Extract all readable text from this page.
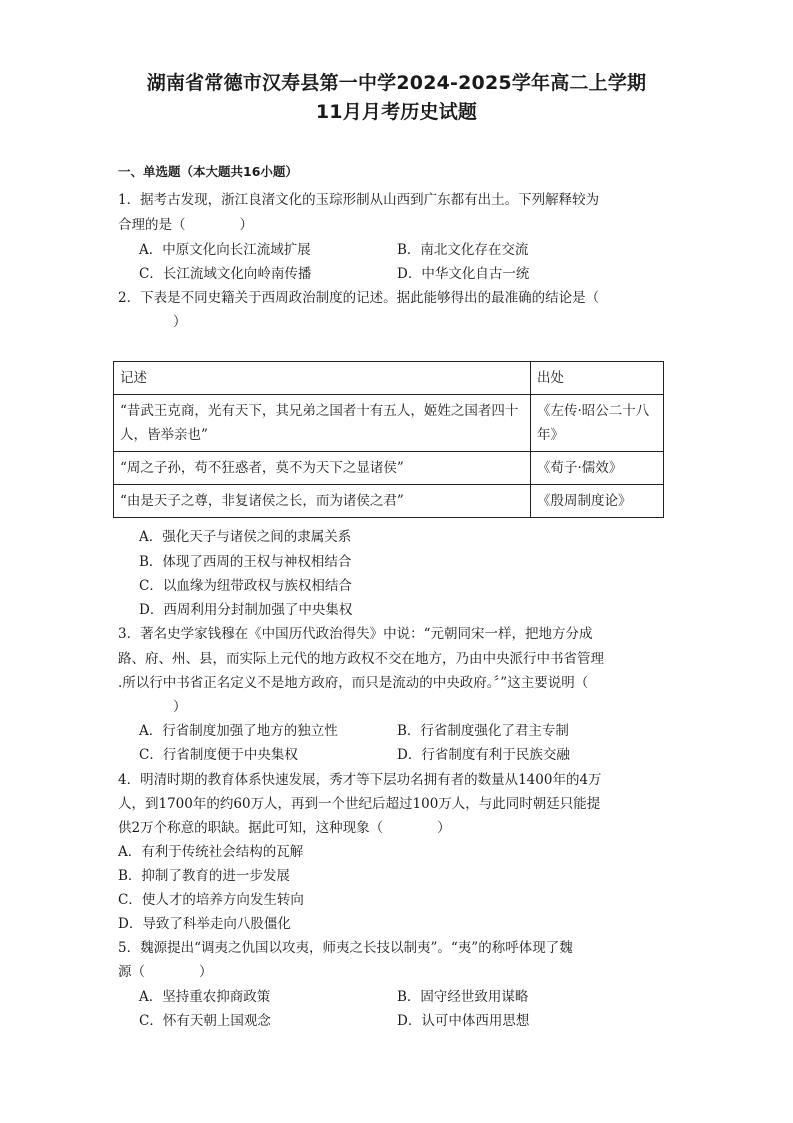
湖南省常德市汉寿县第一中学2024-2025学年高二上学期
11月月考历史试题
一、单选题（本大题共16小题）
1．据考古发现，浙江良渚文化的玉琮形制从山西到广东都有出土。下列解释较为
合理的是（　　　　）
A．中原文化向长江流域扩展	B．南北文化存在交流
C．长江流域文化向岭南传播	D．中华文化自古一统
2．下表是不同史籍关于西周政治制度的记述。据此能够得出的最准确的结论是（
　　）
记述	出处
“昔武王克商，光有天下，其兄弟之国者十有五人，姬姓之国者四十人，皆举亲也”	《左传·昭公二十八年》
“周之子孙，苟不狂惑者，莫不为天下之显诸侯”	《荀子·儒效》
“由是天子之尊，非复诸侯之长，而为诸侯之君”	《殷周制度论》
A．强化天子与诸侯之间的隶属关系
B．体现了西周的王权与神权相结合
C．以血缘为纽带政权与族权相结合
D．西周利用分封制加强了中央集权
3．著名史学家钱穆在《中国历代政治得失》中说：“元朝同宋一样，把地方分成
路、府、州、县，而实际上元代的地方政权不交在地方，乃由中央派行中书省管理
.所以行中书省正名定义不是地方政府，而只是流动的中央政府。〞”这主要说明（
　　）
A．行省制度加强了地方的独立性	B．行省制度强化了君主专制
C．行省制度便于中央集权	D．行省制度有利于民族交融
4．明清时期的教育体系快速发展，秀才等下层功名拥有者的数量从1400年的4万
人，到1700年的约60万人，再到一个世纪后超过100万人，与此同时朝廷只能提
供2万个称意的职缺。据此可知，这种现象（　　　　）
A．有利于传统社会结构的瓦解
B．抑制了教育的进一步发展
C．使人才的培养方向发生转向
D．导致了科举走向八股僵化
5．魏源提出“调夷之仇国以攻夷，师夷之长技以制夷”。“夷”的称呼体现了魏
源（　　　　）
A．坚持重农抑商政策	B．固守经世致用谋略
C．怀有天朝上国观念	D．认可中体西用思想
